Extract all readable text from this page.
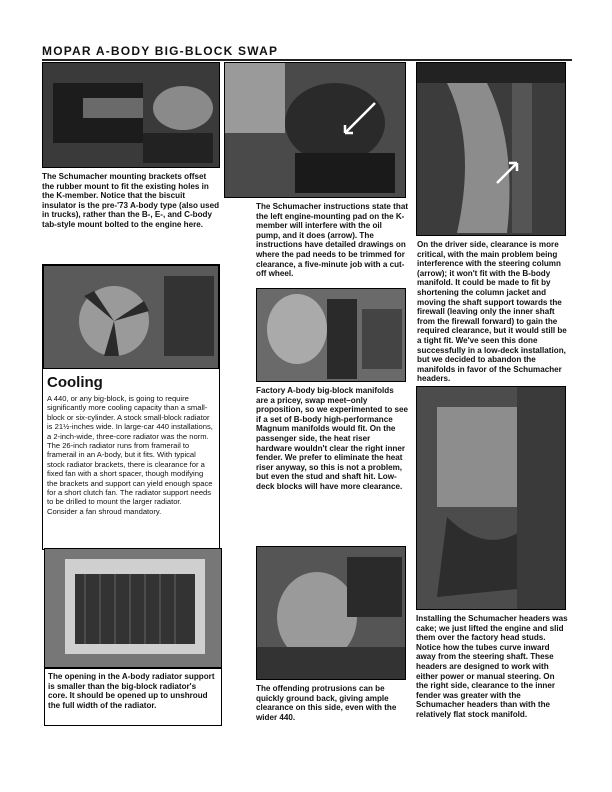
MOPAR A-BODY BIG-BLOCK SWAP
The Schumacher mounting brackets offset the rubber mount to fit the existing holes in the K-member. Notice that the biscuit insulator is the pre-'73 A-body type (also used in trucks), rather than the B-, E-, and C-body tab-style mount bolted to the engine here.
The Schumacher instructions state that the left engine-mounting pad on the K-member will interfere with the oil pump, and it does (arrow). The instructions have detailed drawings on where the pad needs to be trimmed for clearance, a five-minute job with a cut-off wheel.
On the driver side, clearance is more critical, with the main problem being interference with the steering column (arrow); it won't fit with the B-body manifold. It could be made to fit by shortening the column jacket and moving the shaft support towards the firewall (leaving only the inner shaft from the firewall forward) to gain the required clearance, but it would still be a tight fit. We've seen this done successfully in a low-deck installation, but we decided to abandon the manifolds in favor of the Schumacher headers.
Cooling
A 440, or any big-block, is going to require significantly more cooling capacity than a small-block or six-cylinder. A stock small-block radiator is 21½-inches wide. In large-car 440 installations, a 2-inch-wide, three-core radiator was the norm. The 26-inch radiator runs from framerail to framerail in an A-body, but it fits. With typical stock radiator brackets, there is clearance for a fixed fan with a short spacer, though modifying the brackets and support can yield enough space for a short clutch fan. The radiator support needs to be drilled to mount the larger radiator. Consider a fan shroud mandatory.
Factory A-body big-block manifolds are a pricey, swap meet–only proposition, so we experimented to see if a set of B-body high-performance Magnum manifolds would fit. On the passenger side, the heat riser hardware wouldn't clear the right inner fender. We prefer to eliminate the heat riser anyway, so this is not a problem, but even the stud and shaft hit. Low-deck blocks will have more clearance.
Installing the Schumacher headers was cake; we just lifted the engine and slid them over the factory head studs. Notice how the tubes curve inward away from the steering shaft. These headers are designed to work with either power or manual steering. On the right side, clearance to the inner fender was greater with the Schumacher headers than with the relatively flat stock manifold.
The opening in the A-body radiator support is smaller than the big-block radiator's core. It should be opened up to unshroud the full width of the radiator.
The offending protrusions can be quickly ground back, giving ample clearance on this side, even with the wider 440.
